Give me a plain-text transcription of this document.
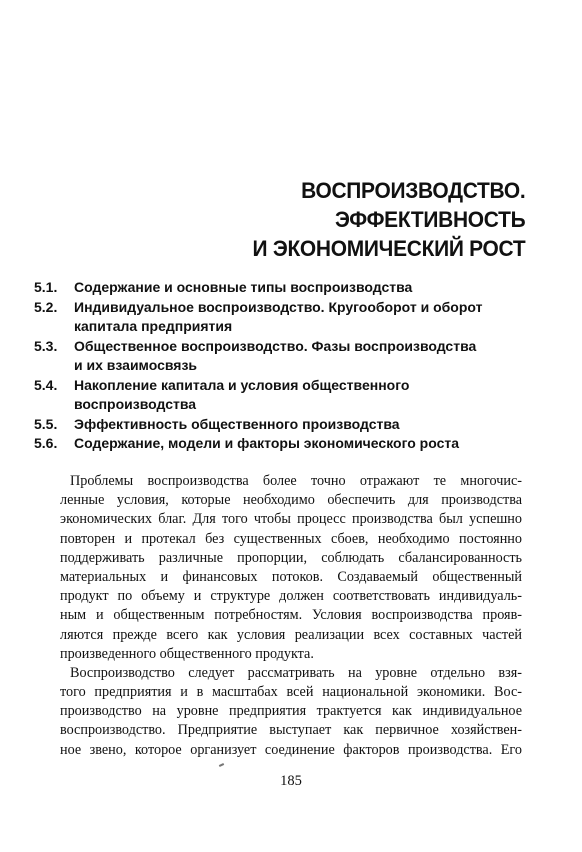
ВОСПРОИЗВОДСТВО.
ЭФФЕКТИВНОСТЬ
И ЭКОНОМИЧЕСКИЙ РОСТ
5.1.	Содержание и основные типы воспроизводства
5.2.	Индивидуальное воспроизводство. Кругооборот и оборот
капитала предприятия
5.3.	Общественное воспроизводство. Фазы воспроизводства
и их взаимосвязь
5.4.	Накопление капитала и условия общественного
воспроизводства
5.5.	Эффективность общественного производства
5.6.	Содержание, модели и факторы экономического роста
Проблемы воспроизводства более точно отражают те многочис-
ленные условия, которые необходимо обеспечить для производства
экономических благ. Для того чтобы процесс производства был успешно
повторен и протекал без существенных сбоев, необходимо постоянно
поддерживать различные пропорции, соблюдать сбалансированность
материальных и финансовых потоков. Создаваемый общественный
продукт по объему и структуре должен соответствовать индивидуаль-
ным и общественным потребностям. Условия воспроизводства прояв-
ляются прежде всего как условия реализации всех составных частей
произведенного общественного продукта.
Воспроизводство следует рассматривать на уровне отдельно взя-
того предприятия и в масштабах всей национальной экономики. Вос-
производство на уровне предприятия трактуется как индивидуальное
воспроизводство. Предприятие выступает как первичное хозяйствен-
ное звено, которое организует соединение факторов производства. Его
185
